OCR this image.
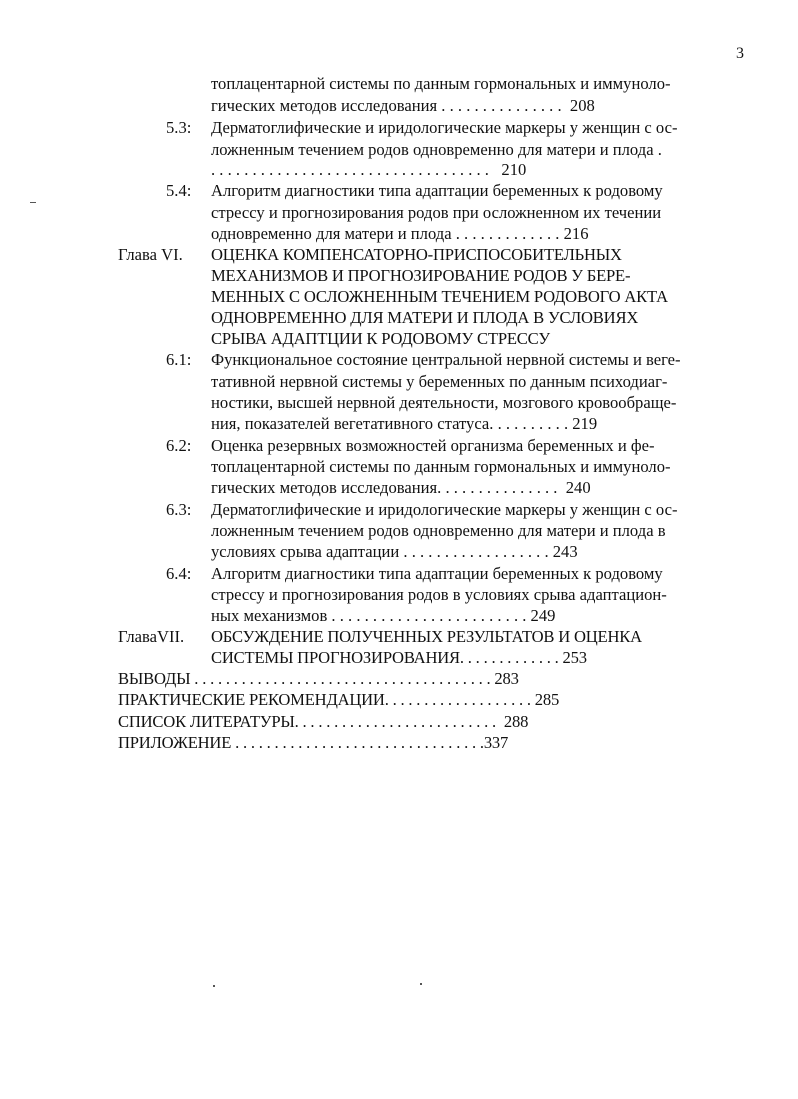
3
топлацентарной системы по данным гормональных и иммуноло-
гических методов исследования . . . . . . . . . . . . . . .  208
5.3: Дерматоглифические и иридологические маркеры у женщин с ос-
ложненным течением родов одновременно для матери и плода .
. . . . . . . . . . . . . . . . . . . . . . . . . . . . . . . . . .   210
5.4: Алгоритм диагностики типа адаптации беременных к родовому
стрессу и прогнозирования родов при осложненном их течении
одновременно для матери и плода . . . . . . . . . . . . . 216
Глава VI. ОЦЕНКА КОМПЕНСАТОРНО-ПРИСПОСОБИТЕЛЬНЫХ
МЕХАНИЗМОВ И ПРОГНОЗИРОВАНИЕ РОДОВ У БЕРЕ-
МЕННЫХ С ОСЛОЖНЕННЫМ ТЕЧЕНИЕМ РОДОВОГО АКТА
ОДНОВРЕМЕННО ДЛЯ МАТЕРИ И ПЛОДА В УСЛОВИЯХ
СРЫВА АДАПТЦИИ К РОДОВОМУ СТРЕССУ
6.1: Функциональное состояние центральной нервной системы и веге-
тативной нервной системы у беременных по данным психодиаг-
ностики, высшей нервной деятельности, мозгового кровообраще-
ния, показателей вегетативного статуса. . . . . . . . . . 219
6.2: Оценка резервных возможностей организма беременных и фе-
топлацентарной системы по данным гормональных и иммуноло-
гических методов исследования. . . . . . . . . . . . . . .  240
6.3: Дерматоглифические и иридологические маркеры у женщин с ос-
ложненным течением родов одновременно для матери и плода в
условиях срыва адаптации . . . . . . . . . . . . . . . . . . 243
6.4: Алгоритм диагностики типа адаптации беременных к родовому
стрессу и прогнозирования родов в условиях срыва адаптацион-
ных механизмов . . . . . . . . . . . . . . . . . . . . . . . . 249
ГлаваVII. ОБСУЖДЕНИЕ ПОЛУЧЕННЫХ РЕЗУЛЬТАТОВ И ОЦЕНКА
СИСТЕМЫ ПРОГНОЗИРОВАНИЯ. . . . . . . . . . . . . 253
ВЫВОДЫ . . . . . . . . . . . . . . . . . . . . . . . . . . . . . . . . . . . . . . 283
ПРАКТИЧЕСКИЕ РЕКОМЕНДАЦИИ. . . . . . . . . . . . . . . . . . . 285
СПИСОК ЛИТЕРАТУРЫ. . . . . . . . . . . . . . . . . . . . . . . . . .  288
ПРИЛОЖЕНИЕ . . . . . . . . . . . . . . . . . . . . . . . . . . . . . . . .337
